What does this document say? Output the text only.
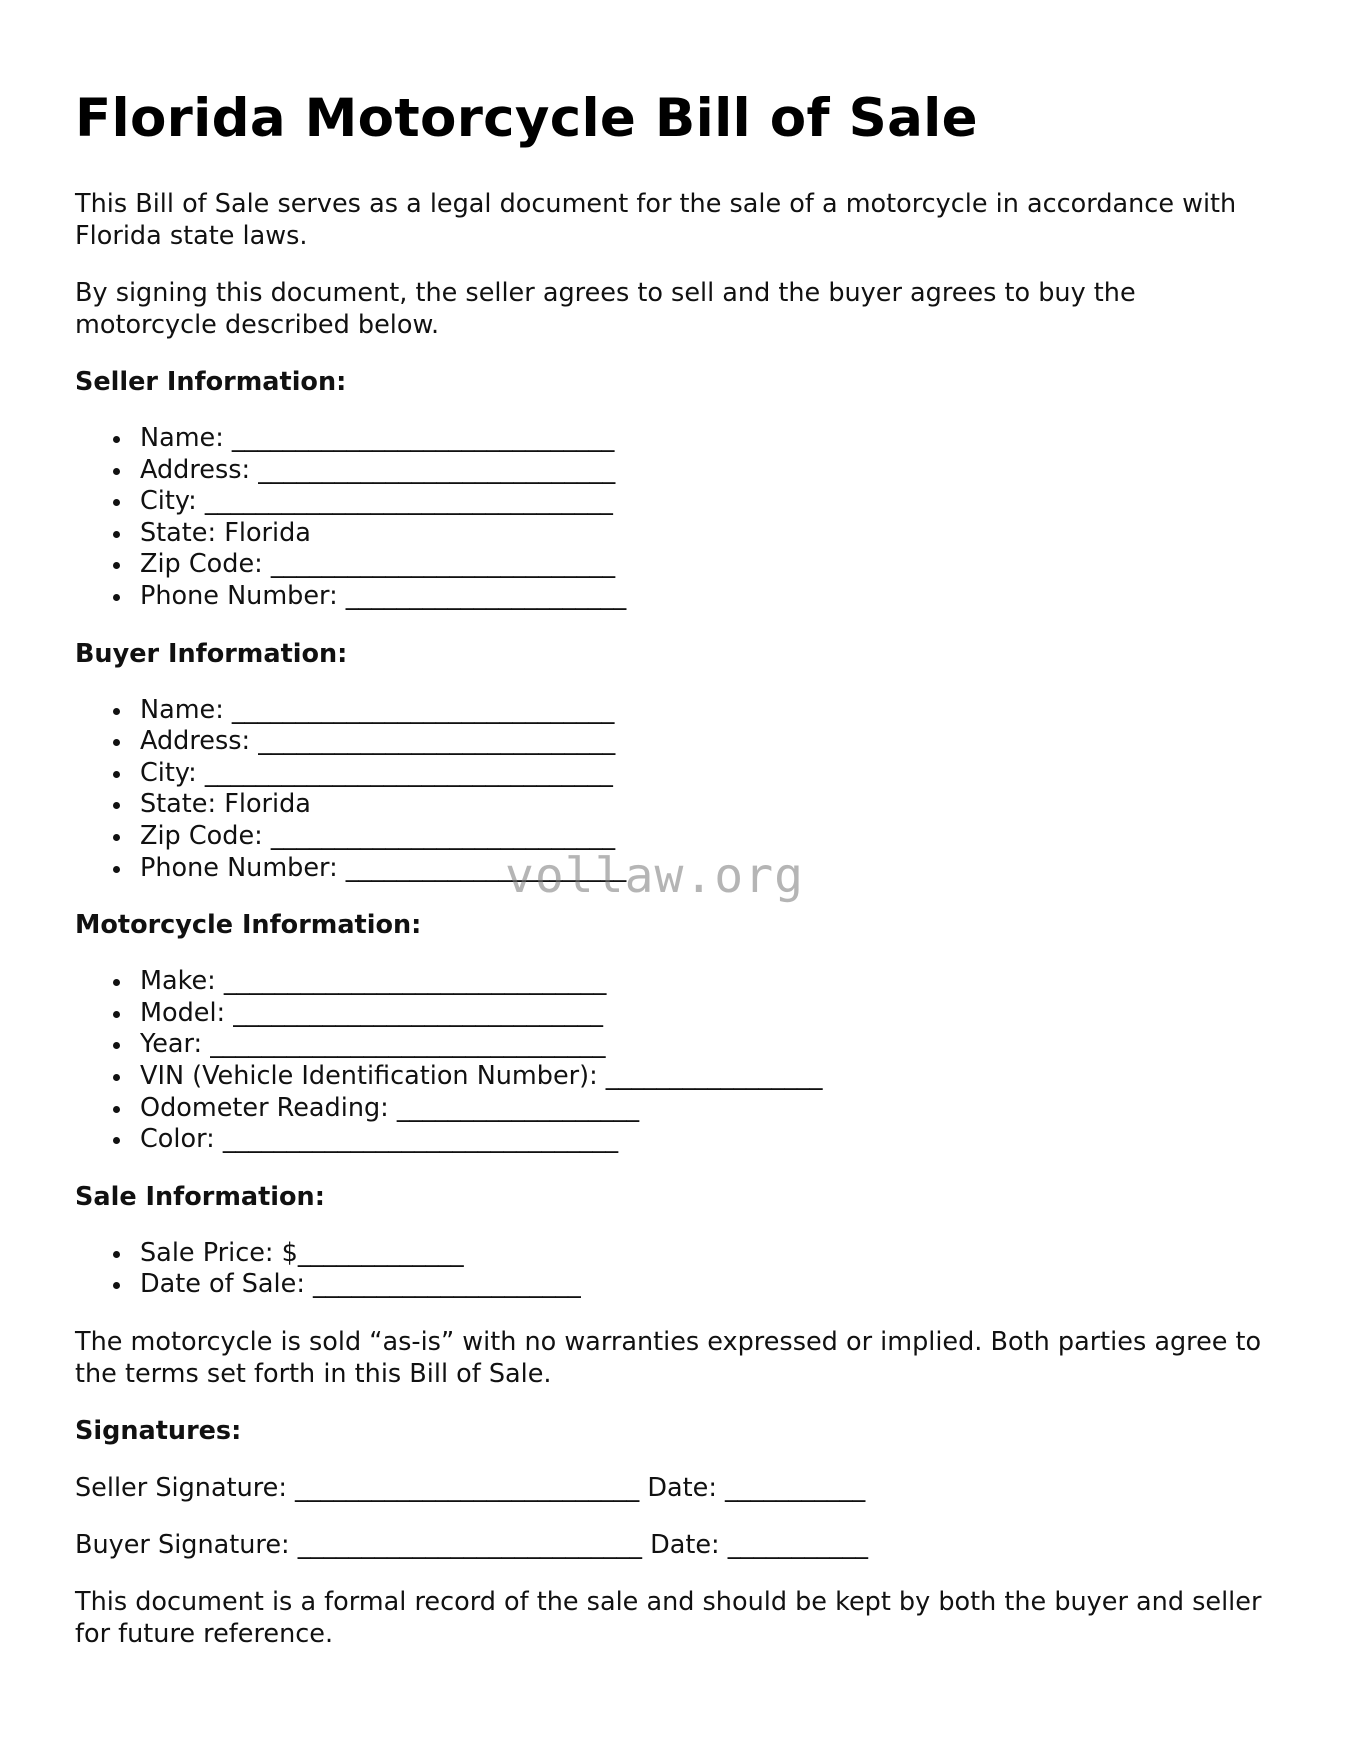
Florida Motorcycle Bill of Sale

This Bill of Sale serves as a legal document for the sale of a motorcycle in accordance with Florida state laws.

By signing this document, the seller agrees to sell and the buyer agrees to buy the motorcycle described below.

Seller Information:
Name: ______________________________
Address: ____________________________
City: ________________________________
State: Florida
Zip Code: ___________________________
Phone Number: ______________________
Buyer Information:
Name: ______________________________
Address: ____________________________
City: ________________________________
State: Florida
Zip Code: ___________________________
Phone Number: ______________________
Motorcycle Information:
Make: ______________________________
Model: _____________________________
Year: _______________________________
VIN (Vehicle Identification Number): _________________
Odometer Reading: ___________________
Color: _______________________________
Sale Information:
Sale Price: $_____________
Date of Sale: _____________________

The motorcycle is sold “as-is” with no warranties expressed or implied. Both parties agree to the terms set forth in this Bill of Sale.

Signatures:

Seller Signature: ___________________________ Date: ___________

Buyer Signature: ___________________________ Date: ___________

This document is a formal record of the sale and should be kept by both the buyer and seller for future reference.

vollaw.org
